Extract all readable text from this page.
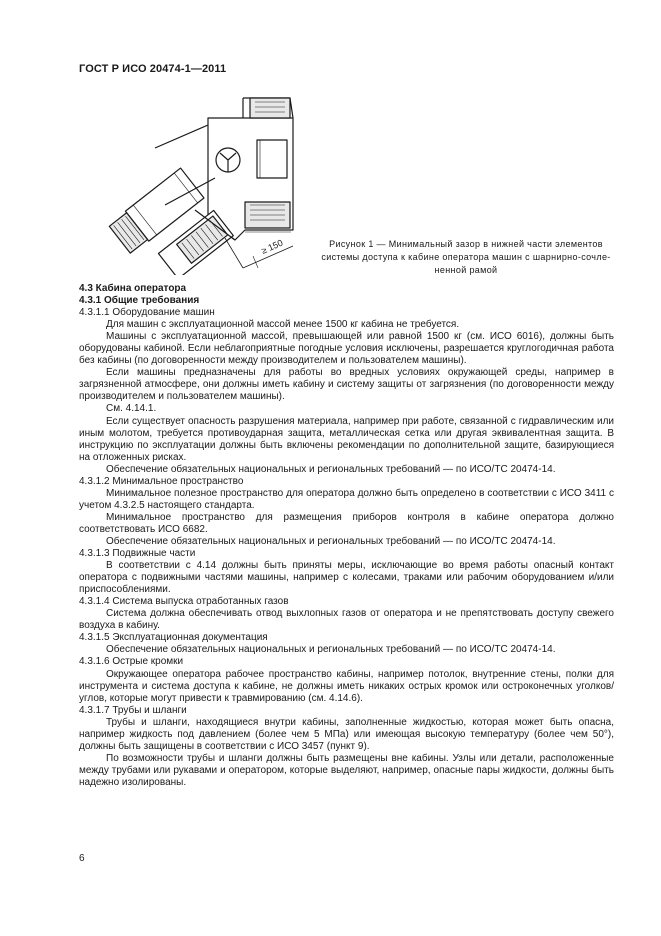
ГОСТ Р ИСО 20474-1—2011
≥ 150	Рисунок 1 — Минимальный зазор в нижней части элементов
системы доступа к кабине оператора машин с шарнирно-сочле-
ненной рамой

4.3 Кабина оператора

4.3.1 Общие требования

4.3.1.1 Оборудование машин

Для машин с эксплуатационной массой менее 1500 кг кабина не требуется.

Машины с эксплуатационной массой, превышающей или равной 1500 кг (см. ИСО 6016), должны быть оборудованы кабиной. Если неблагоприятные погодные условия исключены, разрешается круглогодичная работа без кабины (по договоренности между производителем и пользователем машины).

Если машины предназначены для работы во вредных условиях окружающей среды, например в загрязненной атмосфере, они должны иметь кабину и систему защиты от загрязнения (по договоренности между производителем и пользователем машины).

См. 4.14.1.

Если существует опасность разрушения материала, например при работе, связанной с гидравлическим или иным молотом, требуется противоударная защита, металлическая сетка или другая эквивалентная защита. В инструкцию по эксплуатации должны быть включены рекомендации по дополнительной защите, базирующиеся на отложенных рисках.

Обеспечение обязательных национальных и региональных требований — по ИСО/ТС 20474-14.

4.3.1.2 Минимальное пространство

Минимальное полезное пространство для оператора должно быть определено в соответствии с ИСО 3411 с учетом 4.3.2.5 настоящего стандарта.

Минимальное пространство для размещения приборов контроля в кабине оператора должно соответствовать ИСО 6682.

Обеспечение обязательных национальных и региональных требований — по ИСО/ТС 20474-14.

4.3.1.3 Подвижные части

В соответствии с 4.14 должны быть приняты меры, исключающие во время работы опасный контакт оператора с подвижными частями машины, например с колесами, траками или рабочим оборудованием и/или приспособлениями.

4.3.1.4 Система выпуска отработанных газов

Система должна обеспечивать отвод выхлопных газов от оператора и не препятствовать доступу свежего воздуха в кабину.

4.3.1.5 Эксплуатационная документация

Обеспечение обязательных национальных и региональных требований — по ИСО/ТС 20474-14.

4.3.1.6 Острые кромки

Окружающее оператора рабочее пространство кабины, например потолок, внутренние стены, полки для инструмента и система доступа к кабине, не должны иметь никаких острых кромок или остроконечных уголков/углов, которые могут привести к травмированию (см. 4.14.6).

4.3.1.7 Трубы и шланги

Трубы и шланги, находящиеся внутри кабины, заполненные жидкостью, которая может быть опасна, например жидкость под давлением (более чем 5 МПа) или имеющая высокую температуру (более чем 50°), должны быть защищены в соответствии с ИСО 3457 (пункт 9).

По возможности трубы и шланги должны быть размещены вне кабины. Узлы или детали, расположенные между трубами или рукавами и оператором, которые выделяют, например, опасные пары жидкости, должны быть надежно изолированы.

6
